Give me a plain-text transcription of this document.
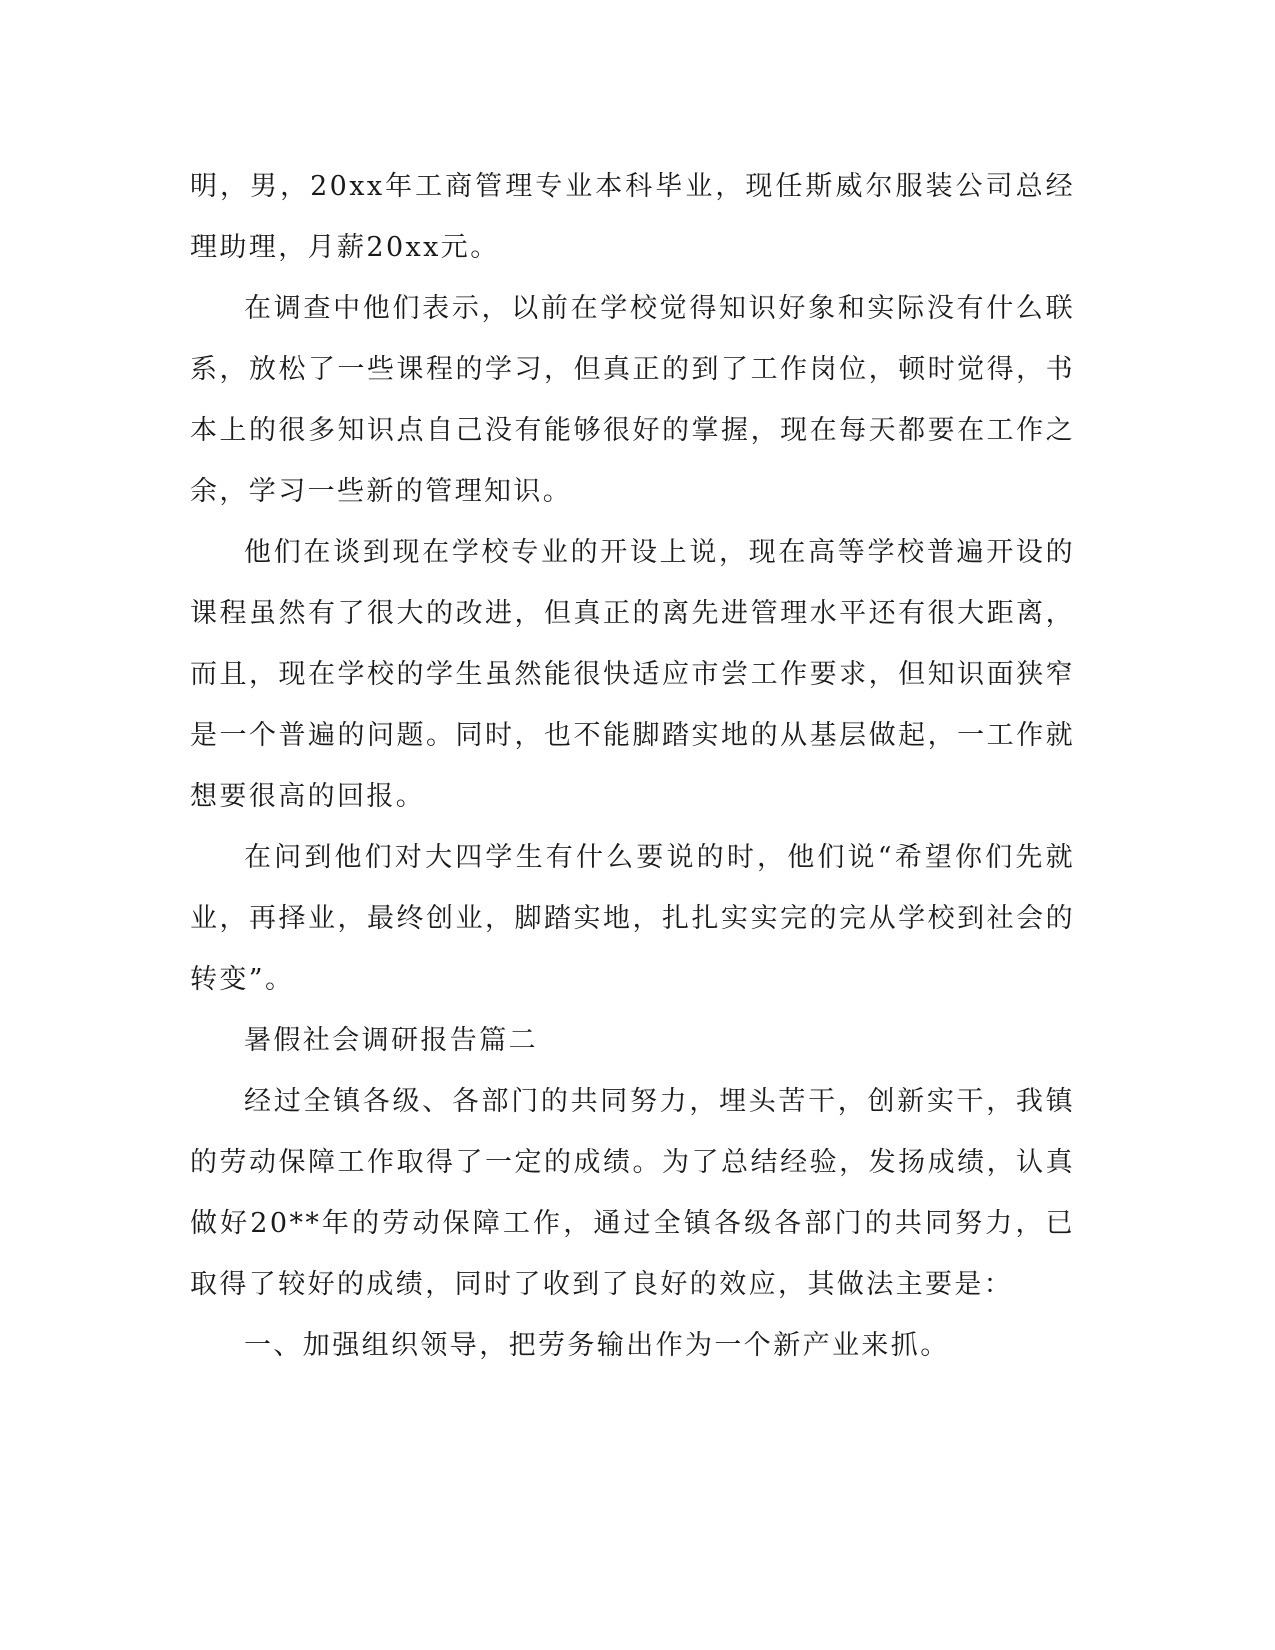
明，男，20xx年工商管理专业本科毕业，现任斯威尔服装公司总经理助理，月薪20xx元。

在调查中他们表示，以前在学校觉得知识好象和实际没有什么联系，放松了一些课程的学习，但真正的到了工作岗位，顿时觉得，书本上的很多知识点自己没有能够很好的掌握，现在每天都要在工作之余，学习一些新的管理知识。

他们在谈到现在学校专业的开设上说，现在高等学校普遍开设的课程虽然有了很大的改进，但真正的离先进管理水平还有很大距离，而且，现在学校的学生虽然能很快适应市尝工作要求，但知识面狭窄是一个普遍的问题。同时，也不能脚踏实地的从基层做起，一工作就想要很高的回报。

在问到他们对大四学生有什么要说的时，他们说“希望你们先就业，再择业，最终创业，脚踏实地，扎扎实实完的完从学校到社会的转变”。

暑假社会调研报告篇二

经过全镇各级、各部门的共同努力，埋头苦干，创新实干，我镇的劳动保障工作取得了一定的成绩。为了总结经验，发扬成绩，认真做好20**年的劳动保障工作，通过全镇各级各部门的共同努力，已取得了较好的成绩，同时了收到了良好的效应，其做法主要是：

一、加强组织领导，把劳务输出作为一个新产业来抓。
